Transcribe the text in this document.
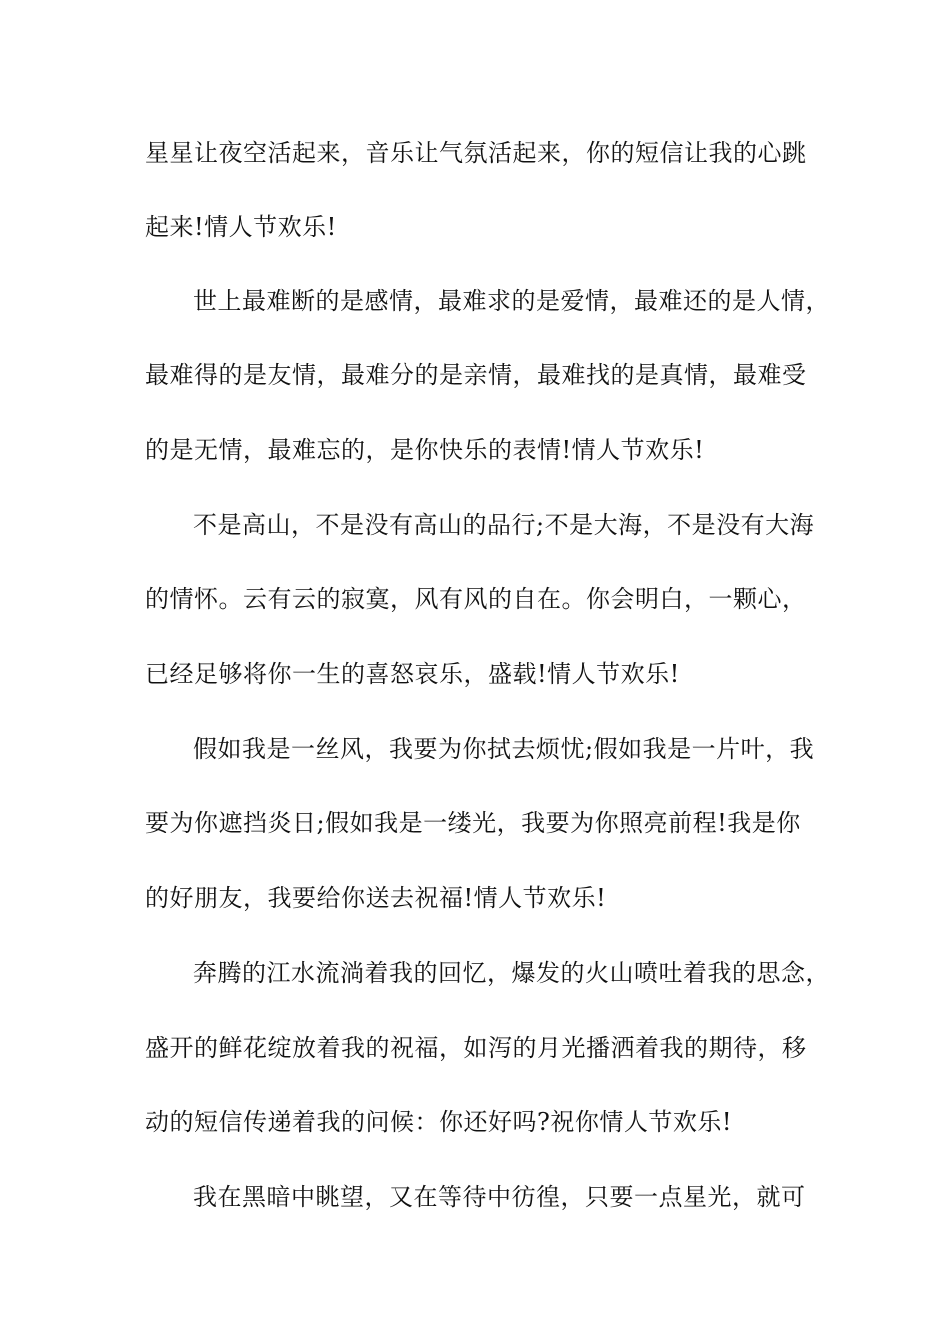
星星让夜空活起来，音乐让气氛活起来，你的短信让我的心跳
起来!情人节欢乐!
世上最难断的是感情，最难求的是爱情，最难还的是人情，
最难得的是友情，最难分的是亲情，最难找的是真情，最难受
的是无情，最难忘的，是你快乐的表情!情人节欢乐!
不是高山，不是没有高山的品行;不是大海，不是没有大海
的情怀。云有云的寂寞，风有风的自在。你会明白，一颗心，
已经足够将你一生的喜怒哀乐，盛载!情人节欢乐!
假如我是一丝风，我要为你拭去烦忧;假如我是一片叶，我
要为你遮挡炎日;假如我是一缕光，我要为你照亮前程!我是你
的好朋友，我要给你送去祝福!情人节欢乐!
奔腾的江水流淌着我的回忆，爆发的火山喷吐着我的思念，
盛开的鲜花绽放着我的祝福，如泻的月光播洒着我的期待，移
动的短信传递着我的问候：你还好吗?祝你情人节欢乐!
我在黑暗中眺望，又在等待中彷徨，只要一点星光，就可
